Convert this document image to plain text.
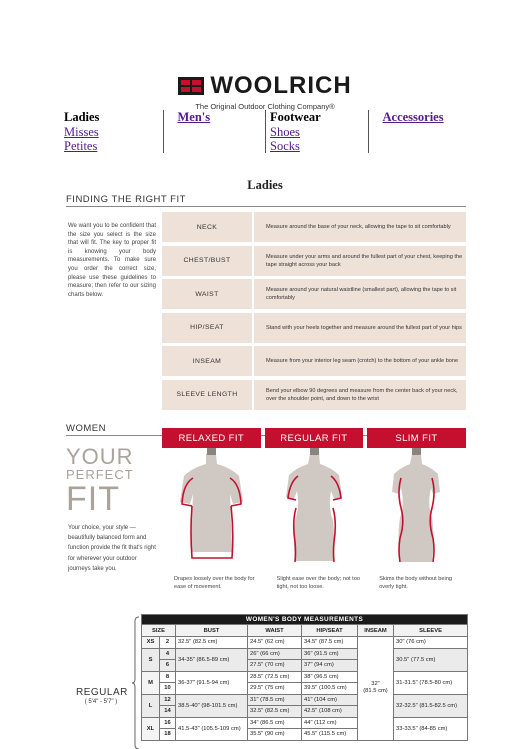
WOOLRICH
The Original Outdoor Clothing Company®
Ladies
Misses
Petites
Men's	Footwear
Shoes
Socks
Accessories
Ladies
FINDING THE RIGHT FIT
We want you to be confident that the size you select is the size that will fit. The key to proper fit is knowing your body measurements. To make sure you order the correct size, please use these guidelines to measure; then refer to our sizing charts below.
NECK	Measure around the base of your neck, allowing the tape to sit comfortably
CHEST/BUST
Measure under your arms and around the fullest part of your chest, keeping the tape straight across your back
WAIST
Measure around your natural waistline (smallest part), allowing the tape to sit comfortably
HIP/SEAT	Stand with your heels together and measure around the fullest part of your hips
INSEAM	Measure from your interior leg seam (crotch) to the bottom of your ankle bone
SLEEVE LENGTH
Bend your elbow 90 degrees and measure from the center back of your neck, over the shoulder point, and down to the wrist
WOMEN
YOUR
PERFECT
FIT
Your choice, your style — beautifully balanced form and function provide the fit that's right for wherever your outdoor journeys take you.
RELAXED FIT
Drapes loosely over the body for ease of movement.
REGULAR FIT
Slight ease over the body; not too tight, not too loose.
SLIM FIT
Skims the body without being overly tight.
REGULAR
( 5'4" - 5'7" )
WOMEN'S BODY MEASUREMENTS						
SIZE		BUST	WAIST	HIP/SEAT	INSEAM	SLEEVE
XS	2	32.5" (82.5 cm)	24.5" (62 cm)	34.5" (87.5 cm)	32"
(81.5 cm)	30" (76 cm)
S	4	34-35" (86.5-89 cm)	26" (66 cm)	36" (91.5 cm)		30.5" (77.5 cm)
	6		27.5" (70 cm)	37" (94 cm)		
M	8	36-37" (91.5-94 cm)	28.5" (72.5 cm)	38" (96.5 cm)		31-31.5" (78.5-80 cm)
	10		29.5" (75 cm)	39.5" (100.5 cm)		
L	12	38.5-40" (98-101.5 cm)	31" (78.5 cm)	41" (104 cm)		32-32.5" (81.5-82.5 cm)
	14		32.5" (82.5 cm)	42.5" (108 cm)		
XL	16	41.5-43" (105.5-109 cm)	34" (86.5 cm)	44" (112 cm)		33-33.5" (84-85 cm)
	18		35.5" (90 cm)	45.5" (115.5 cm)		
